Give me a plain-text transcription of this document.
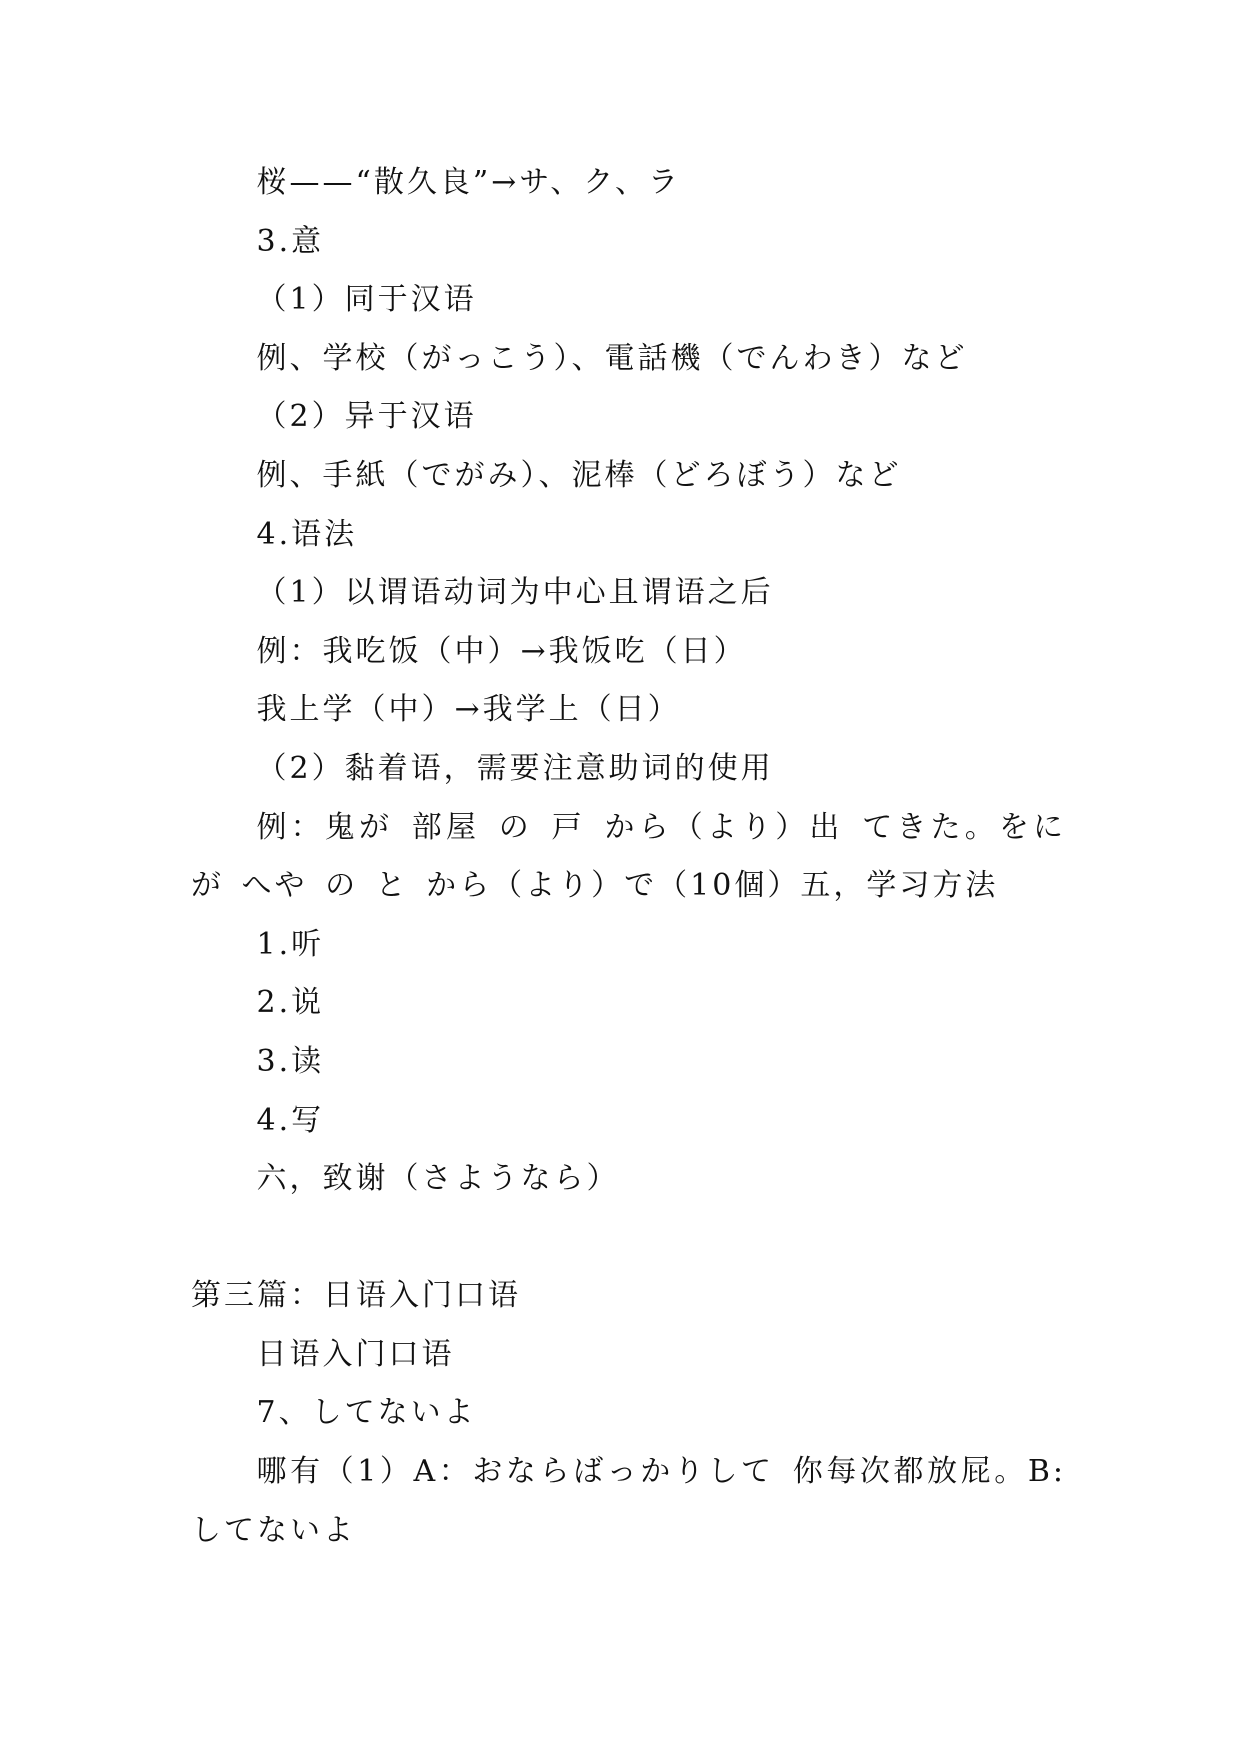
桜——“散久良”→サ、ク、ラ
3.意
（1）同于汉语
例、学校（がっこう）、電話機（でんわき）など
（2）异于汉语
例、手紙（でがみ）、泥棒（どろぼう）など
4.语法
（1）以谓语动词为中心且谓语之后
例：我吃饭（中）→我饭吃（日）
我上学（中）→我学上（日）
（2）黏着语，需要注意助词的使用
例：鬼が 部屋 の 戸 から（より）出 てきた。をに
が へや の と から（より）で（10個）五，学习方法
1.听
2.说
3.读
4.写
六，致谢（さようなら）
第三篇：日语入门口语
日语入门口语
7、してないよ
哪有（1）A：おならばっかりして 你每次都放屁。B:
してないよ
